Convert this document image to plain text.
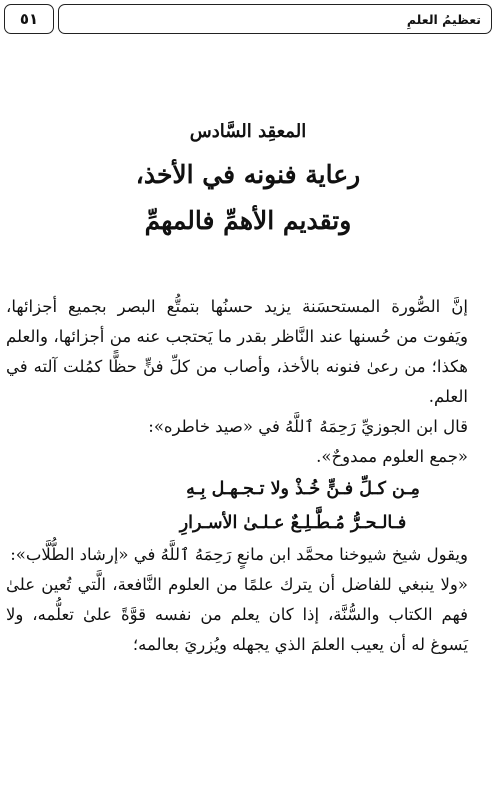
٥١	تعظيمُ العلمِ
المعقِد السَّادس
رعاية فنونه في الأخذ،
وتقديم الأهمِّ فالمهمِّ

إنَّ الصُّورة المستحسَنة يزيد حسنُها بتمتُّع البصر بجميع أجزائها، ويَفوت من حُسنها عند النَّاظر بقدر ما يَحتجب عنه من أجزائها، والعلم هكذا؛ من رعىٰ فنونه بالأخذ، وأصاب من كلِّ فنٍّ حظًّا كمُلت آلته في العلم.

قال ابن الجوزيِّ رَحِمَهُ ٱللَّهُ في «صيد خاطره»:

«جمع العلوم ممدوحٌ».

مِـن كـلِّ فـنٍّ خُـذْ ولا تـجـهـل بِـهِ
فـالـحـرُّ مُـطَّـلِـعٌ عـلـىٰ الأسـرارِ

ويقول شيخ شيوخنا محمَّد ابن مانعٍ رَحِمَهُ ٱللَّهُ في «إرشاد الطُّلَّاب»:

«ولا ينبغي للفاضل أن يترك علمًا من العلوم النَّافعة، الَّتي تُعين علىٰ فهم الكتاب والسُّنَّة، إذا كان يعلم من نفسه قوَّةً علىٰ تعلُّمه، ولا يَسوغ له أن يعيب العلمَ الذي يجهله ويُزريَ بعالمه؛
